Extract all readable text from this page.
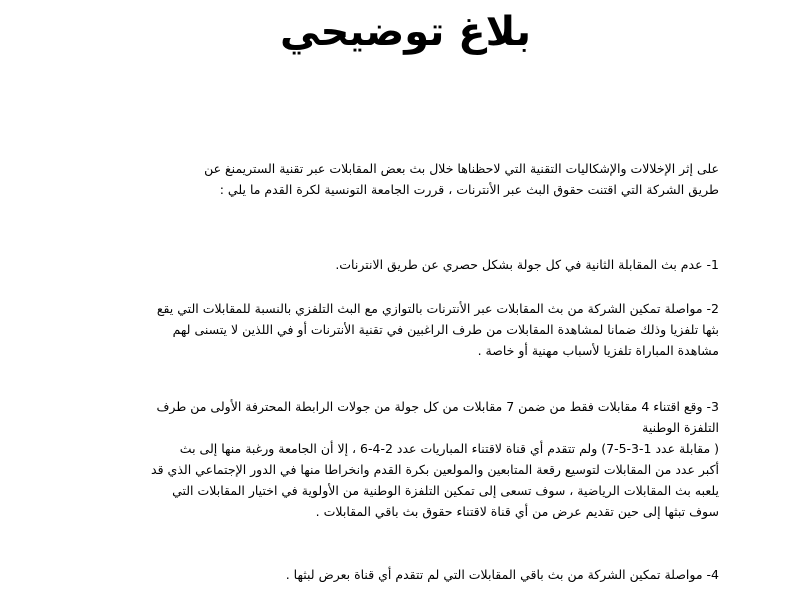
بلاغ توضيحي
على إثر الإخلالات والإشكاليات التقنية التي لاحظناها خلال بث بعض المقابلات عبر تقنية الستريمنغ عن
طريق الشركة التي اقتنت حقوق البث عبر الأنترنات ، قررت الجامعة التونسية لكرة القدم ما يلي :
1- عدم بث المقابلة الثانية في كل جولة بشكل حصري عن طريق الانترنات.
2- مواصلة تمكين الشركة من بث المقابلات عبر الأنترنات بالتوازي مع البث التلفزي بالنسبة للمقابلات التي يقع
بثها تلفزيا وذلك ضمانا لمشاهدة المقابلات من طرف الراغبين في تقنية الأنترنات أو في اللذين لا يتسنى لهم
مشاهدة المباراة تلفزيا لأسباب مهنية أو خاصة .
3- وقع اقتناء 4 مقابلات فقط من ضمن 7 مقابلات من كل جولة من جولات الرابطة المحترفة الأولى من طرف
التلفزة الوطنية
( مقابلة عدد 1-3-5-7) ولم تتقدم أي قناة لاقتناء المباريات عدد 2-4-6 ، إلا أن الجامعة ورغبة منها إلى بث
أكبر عدد من المقابلات لتوسيع رقعة المتابعين والمولعين بكرة القدم وانخراطا منها في الدور الإجتماعي الذي قد
يلعبه بث المقابلات الرياضية ، سوف تسعى إلى تمكين التلفزة الوطنية من الأولوية في اختيار المقابلات التي
سوف تبثها إلى حين تقديم عرض من أي قناة لاقتناء حقوق بث باقي المقابلات .
4- مواصلة تمكين الشركة من بث باقي المقابلات التي لم تتقدم أي قناة بعرض لبثها .
